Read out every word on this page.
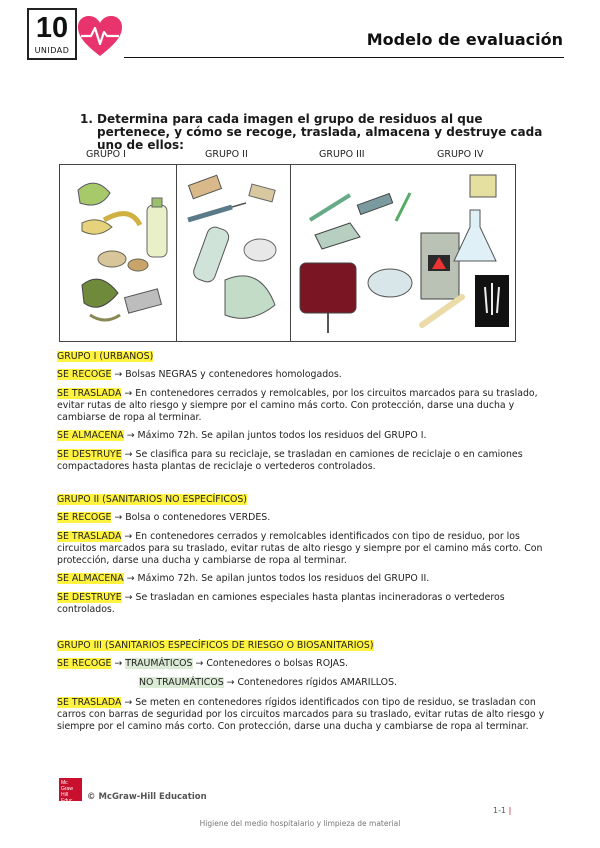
10
UNIDAD
Modelo de evaluación
1. Determina para cada imagen el grupo de residuos al que pertenece, y cómo se recoge, traslada, almacena y destruye cada uno de ellos:
GRUPO I	GRUPO II	GRUPO III	GRUPO IV
GRUPO I (URBANOS)
SE RECOGE → Bolsas NEGRAS y contenedores homologados.
SE TRASLADA → En contenedores cerrados y remolcables, por los circuitos marcados para su traslado, evitar rutas de alto riesgo y siempre por el camino más corto. Con protección, darse una ducha y cambiarse de ropa al terminar.
SE ALMACENA → Máximo 72h. Se apilan juntos todos los residuos del GRUPO I.
SE DESTRUYE → Se clasifica para su reciclaje, se trasladan en camiones de reciclaje o en camiones compactadores hasta plantas de reciclaje o vertederos controlados.
GRUPO II (SANITARIOS NO ESPECÍFICOS)
SE RECOGE → Bolsa o contenedores VERDES.
SE TRASLADA → En contenedores cerrados y remolcables identificados con tipo de residuo, por los circuitos marcados para su traslado, evitar rutas de alto riesgo y siempre por el camino más corto. Con protección, darse una ducha y cambiarse de ropa al terminar.
SE ALMACENA → Máximo 72h. Se apilan juntos todos los residuos del GRUPO II.
SE DESTRUYE → Se trasladan en camiones especiales hasta plantas incineradoras o vertederos controlados.
GRUPO III (SANITARIOS ESPECÍFICOS DE RIESGO O BIOSANITARIOS)
SE RECOGE → TRAUMÁTICOS → Contenedores o bolsas ROJAS.
NO TRAUMÁTICOS → Contenedores rígidos AMARILLOS.
SE TRASLADA → Se meten en contenedores rígidos identificados con tipo de residuo, se trasladan con carros con barras de seguridad por los circuitos marcados para su traslado, evitar rutas de alto riesgo y siempre por el camino más corto. Con protección, darse una ducha y cambiarse de ropa al terminar.
Mc Graw Hill Educ	© McGraw-Hill Education
1-1 |
Higiene del medio hospitalario y limpieza de material
